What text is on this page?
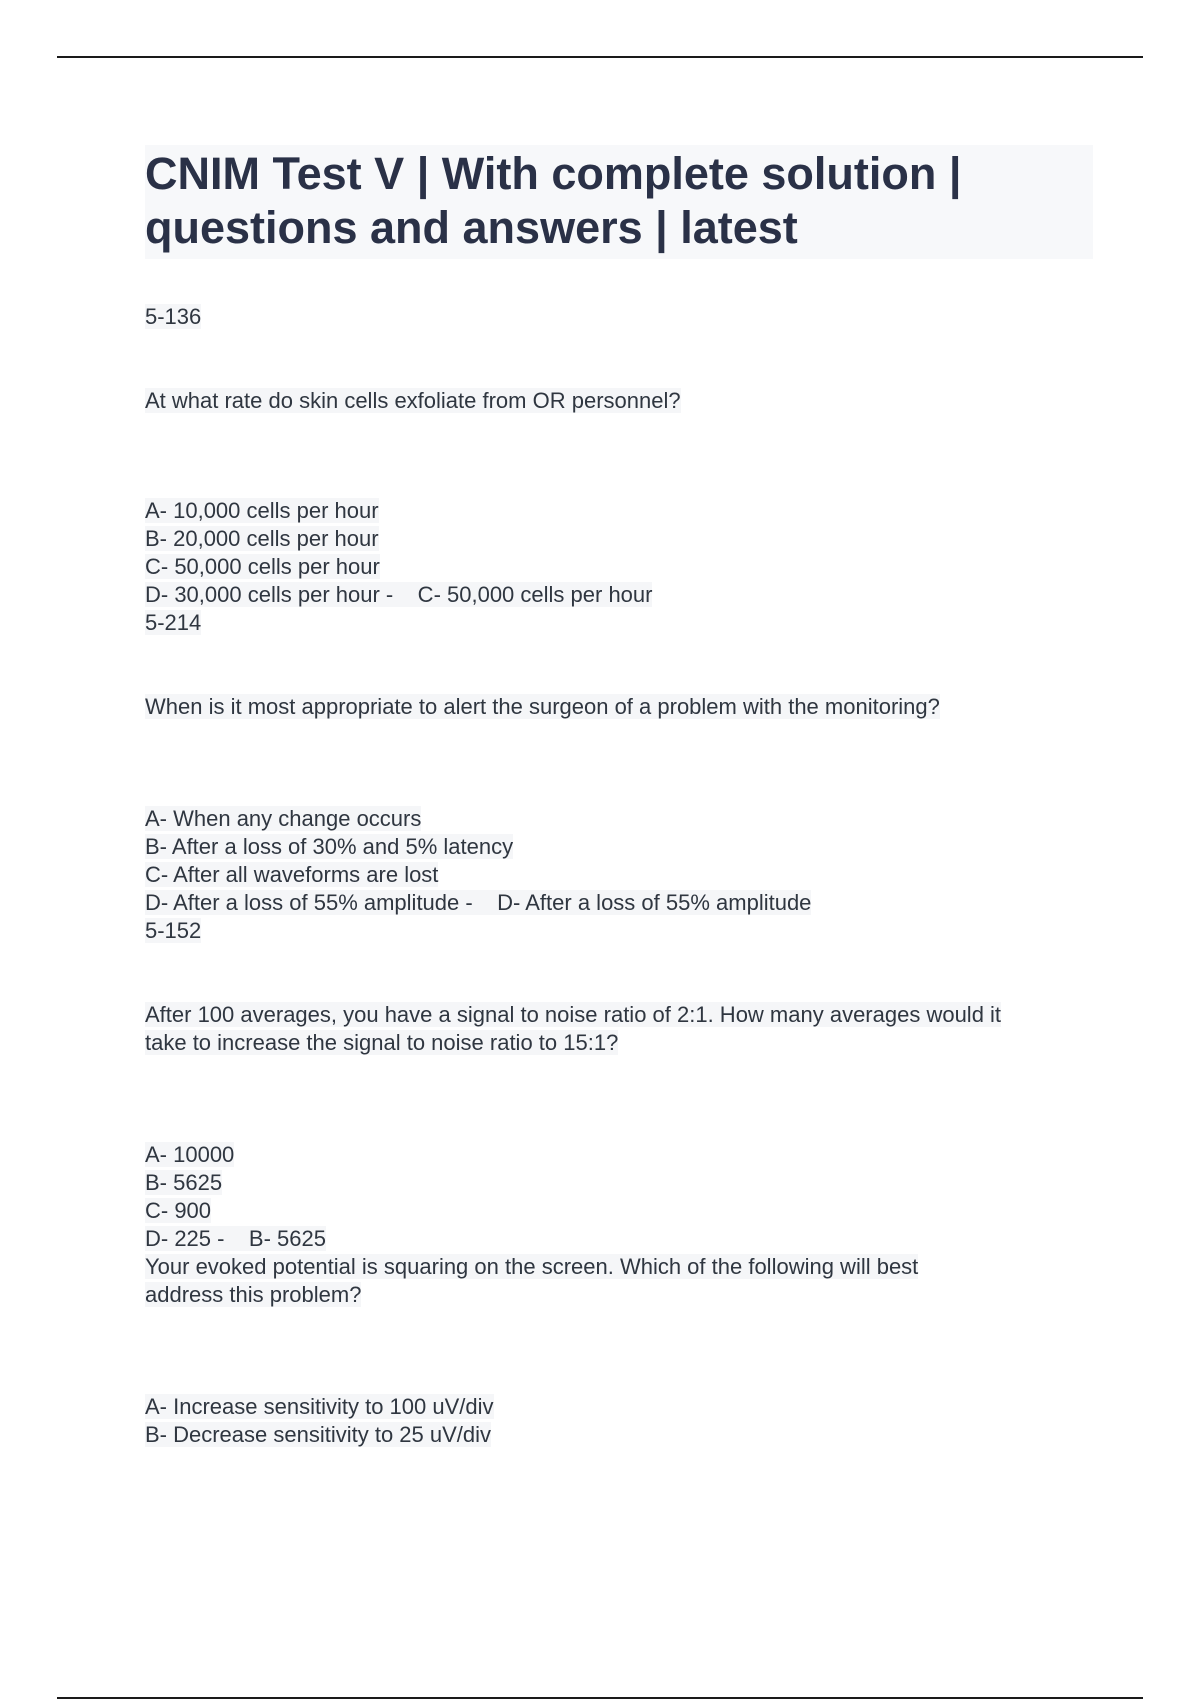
CNIM Test V | With complete solution | questions and answers | latest

5-136

At what rate do skin cells exfoliate from OR personnel?

A- 10,000 cells per hour

B- 20,000 cells per hour

C- 50,000 cells per hour

D- 30,000 cells per hour -    C- 50,000 cells per hour

5-214

When is it most appropriate to alert the surgeon of a problem with the monitoring?

A- When any change occurs

B- After a loss of 30% and 5% latency

C- After all waveforms are lost

D- After a loss of 55% amplitude -    D- After a loss of 55% amplitude

5-152

After 100 averages, you have a signal to noise ratio of 2:1. How many averages would it

take to increase the signal to noise ratio to 15:1?

A- 10000

B- 5625

C- 900

D- 225 -    B- 5625

Your evoked potential is squaring on the screen. Which of the following will best

address this problem?

A- Increase sensitivity to 100 uV/div

B- Decrease sensitivity to 25 uV/div
